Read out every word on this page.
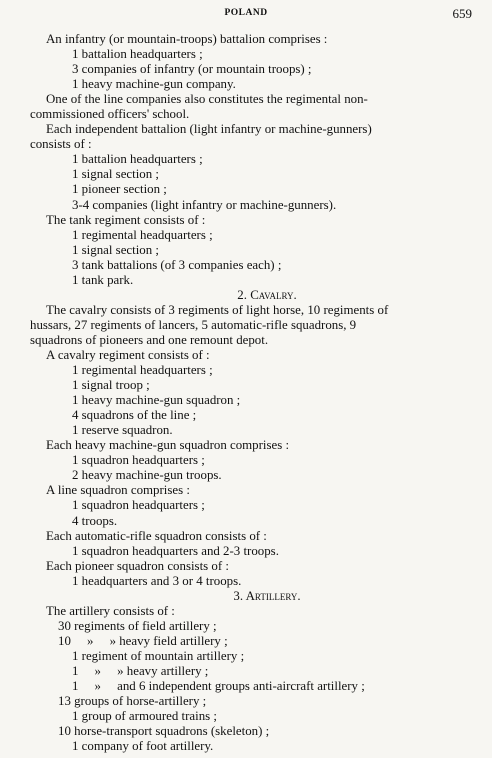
POLAND	659
An infantry (or mountain-troops) battalion comprises :
1 battalion headquarters ;
3 companies of infantry (or mountain troops) ;
1 heavy machine-gun company.
One of the line companies also constitutes the regimental non-
commissioned officers' school.
Each independent battalion (light infantry or machine-gunners)
consists of :
1 battalion headquarters ;
1 signal section ;
1 pioneer section ;
3-4 companies (light infantry or machine-gunners).
The tank regiment consists of :
1 regimental headquarters ;
1 signal section ;
3 tank battalions (of 3 companies each) ;
1 tank park.
2. Cavalry.
The cavalry consists of 3 regiments of light horse, 10 regiments of
hussars, 27 regiments of lancers, 5 automatic-rifle squadrons, 9
squadrons of pioneers and one remount depot.
A cavalry regiment consists of :
1 regimental headquarters ;
1 signal troop ;
1 heavy machine-gun squadron ;
4 squadrons of the line ;
1 reserve squadron.
Each heavy machine-gun squadron comprises :
1 squadron headquarters ;
2 heavy machine-gun troops.
A line squadron comprises :
1 squadron headquarters ;
4 troops.
Each automatic-rifle squadron consists of :
1 squadron headquarters and 2-3 troops.
Each pioneer squadron consists of :
1 headquarters and 3 or 4 troops.
3. Artillery.
The artillery consists of :
30 regiments of field artillery ;
10     »     » heavy field artillery ;
1 regiment of mountain artillery ;
1     »     » heavy artillery ;
1     »     and 6 independent groups anti-aircraft artillery ;
13 groups of horse-artillery ;
1 group of armoured trains ;
10 horse-transport squadrons (skeleton) ;
1 company of foot artillery.
